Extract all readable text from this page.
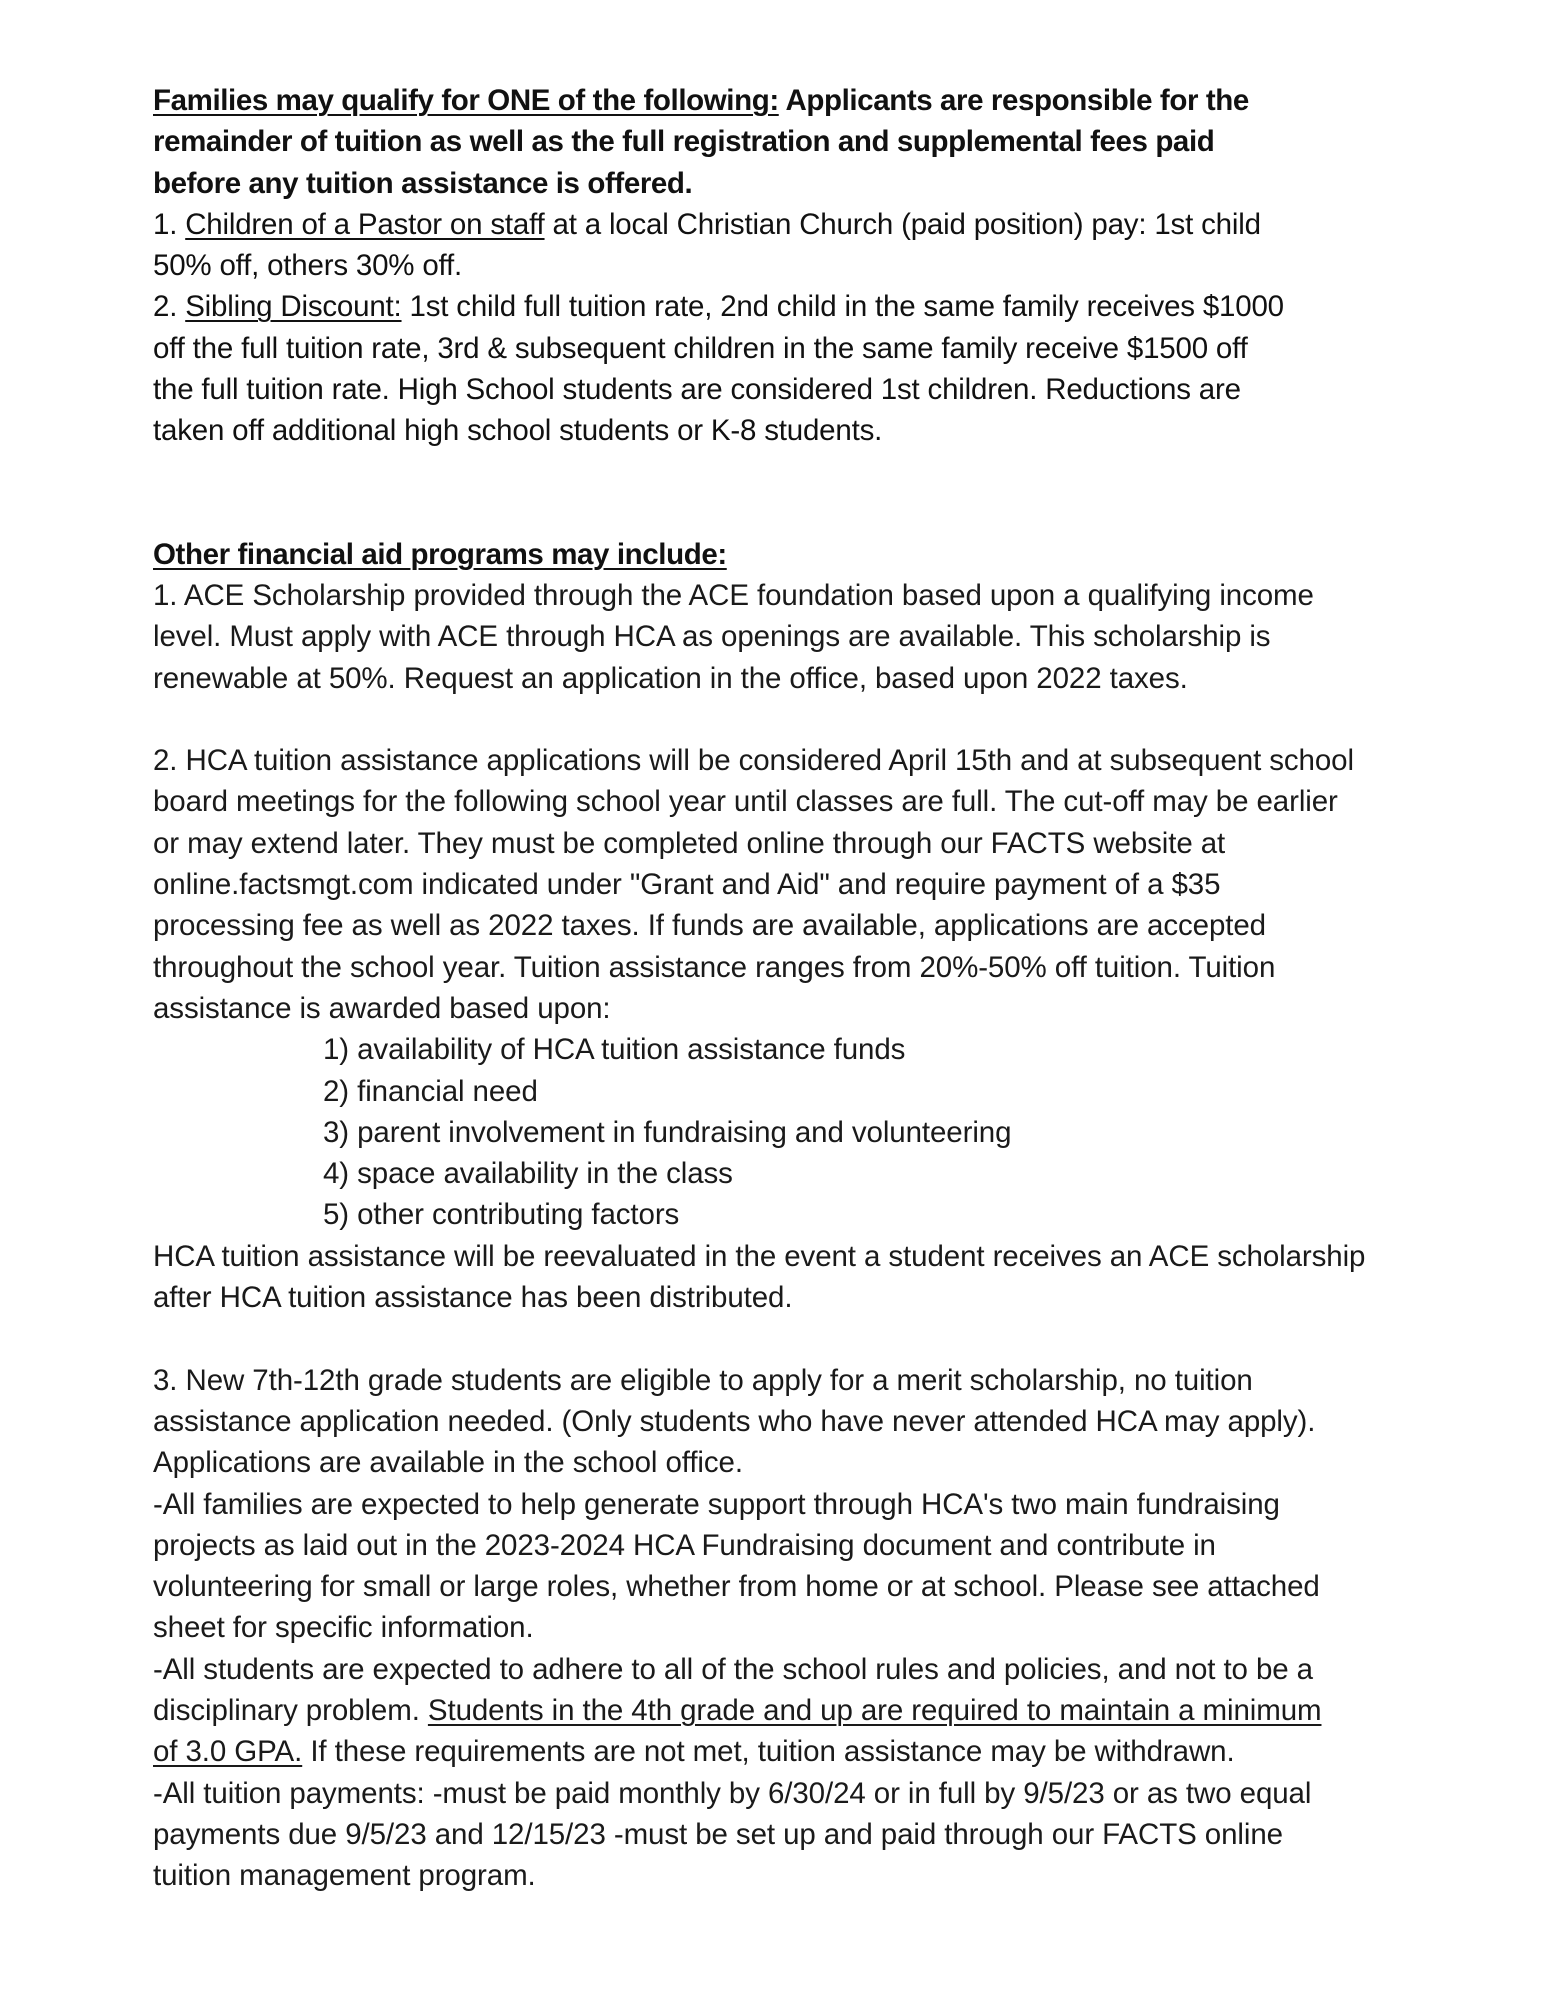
Families may qualify for ONE of the following: Applicants are responsible for the
remainder of tuition as well as the full registration and supplemental fees paid
before any tuition assistance is offered.
1. Children of a Pastor on staff at a local Christian Church (paid position) pay: 1st child
50% off, others 30% off.
2. Sibling Discount: 1st child full tuition rate, 2nd child in the same family receives $1000
off the full tuition rate, 3rd & subsequent children in the same family receive $1500 off
the full tuition rate. High School students are considered 1st children. Reductions are
taken off additional high school students or K-8 students.
Other financial aid programs may include:
1. ACE Scholarship provided through the ACE foundation based upon a qualifying income
level. Must apply with ACE through HCA as openings are available. This scholarship is
renewable at 50%. Request an application in the office, based upon 2022 taxes.
2. HCA tuition assistance applications will be considered April 15th and at subsequent school
board meetings for the following school year until classes are full. The cut-off may be earlier
or may extend later. They must be completed online through our FACTS website at
online.factsmgt.com indicated under "Grant and Aid" and require payment of a $35
processing fee as well as 2022 taxes. If funds are available, applications are accepted
throughout the school year. Tuition assistance ranges from 20%-50% off tuition. Tuition
assistance is awarded based upon:
1) availability of HCA tuition assistance funds
2) financial need
3) parent involvement in fundraising and volunteering
4) space availability in the class
5) other contributing factors
HCA tuition assistance will be reevaluated in the event a student receives an ACE scholarship
after HCA tuition assistance has been distributed.
3. New 7th-12th grade students are eligible to apply for a merit scholarship, no tuition
assistance application needed. (Only students who have never attended HCA may apply).
Applications are available in the school office.
-All families are expected to help generate support through HCA's two main fundraising
projects as laid out in the 2023-2024 HCA Fundraising document and contribute in
volunteering for small or large roles, whether from home or at school. Please see attached
sheet for specific information.
-All students are expected to adhere to all of the school rules and policies, and not to be a
disciplinary problem. Students in the 4th grade and up are required to maintain a minimum
of 3.0 GPA. If these requirements are not met, tuition assistance may be withdrawn.
-All tuition payments: -must be paid monthly by 6/30/24 or in full by 9/5/23 or as two equal
payments due 9/5/23 and 12/15/23 -must be set up and paid through our FACTS online
tuition management program.
